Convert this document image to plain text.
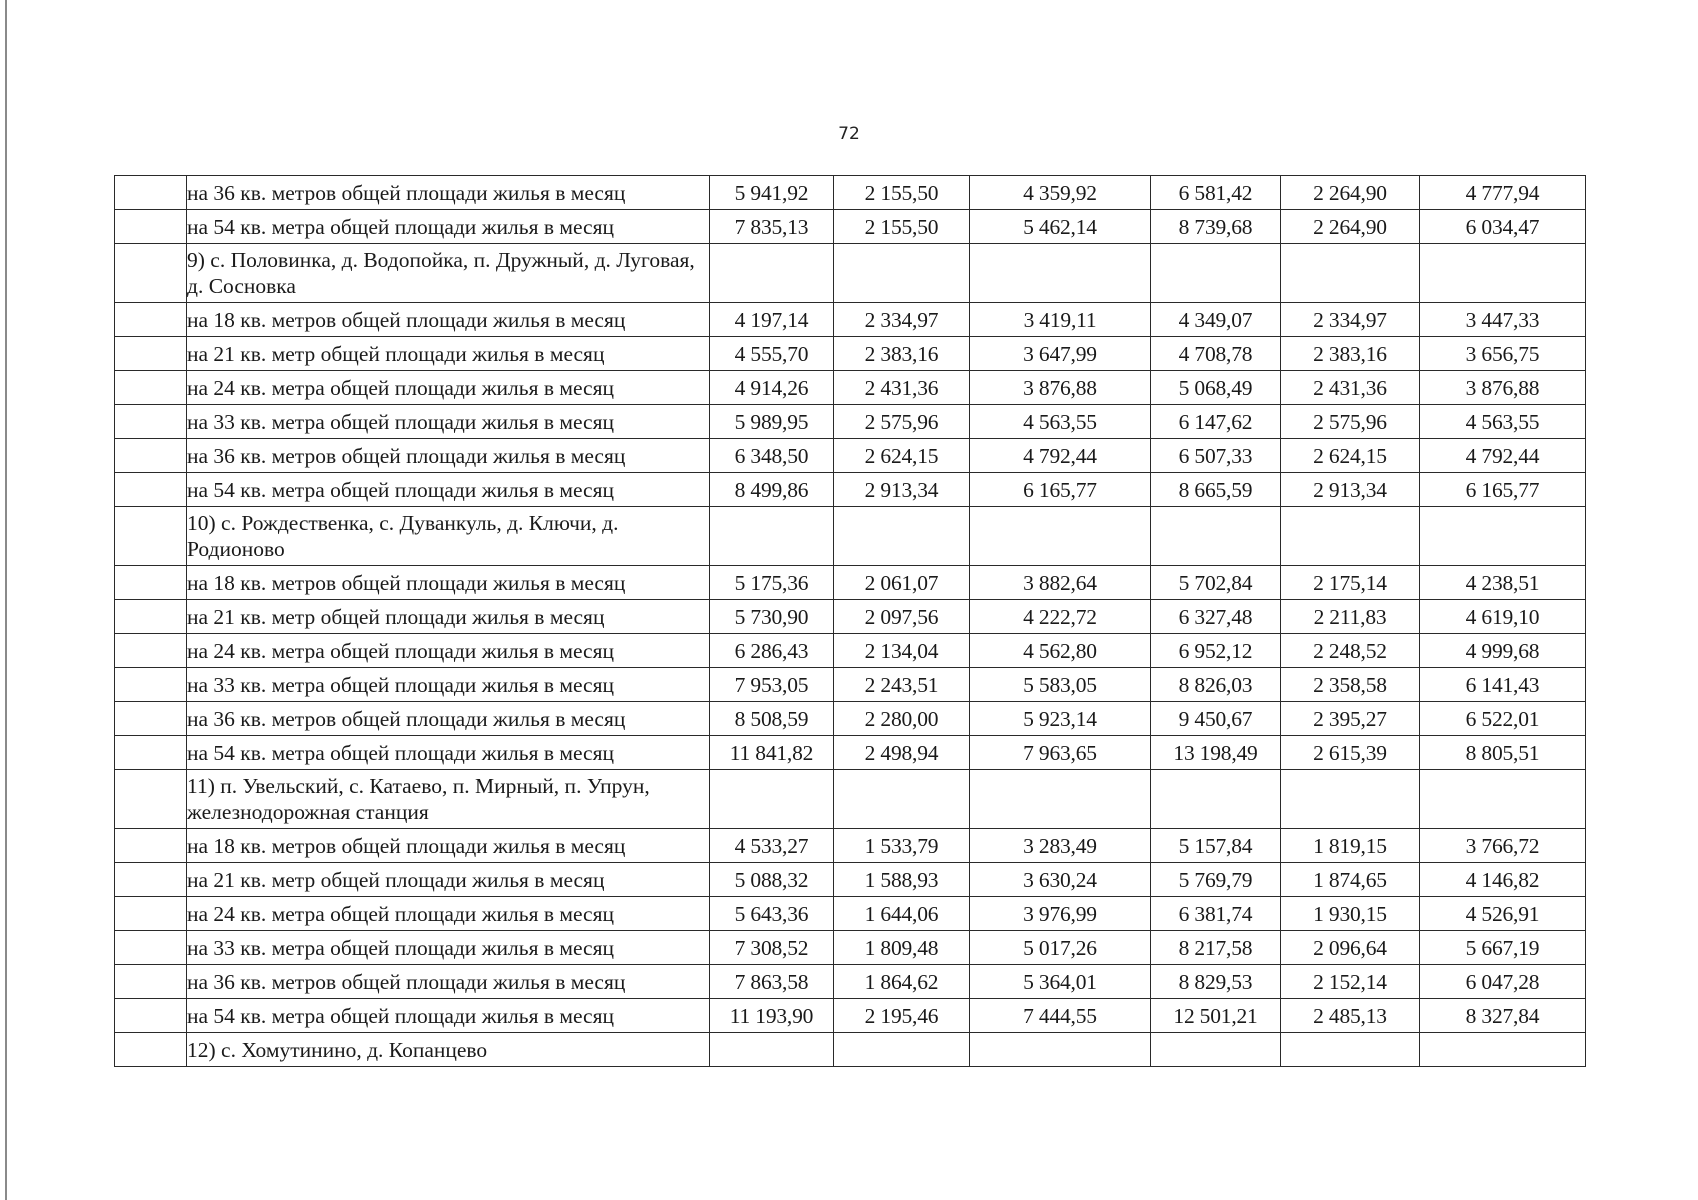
72
	на 36 кв. метров общей площади жилья в месяц	5 941,92	2 155,50	4 359,92	6 581,42	2 264,90	4 777,94
	на 54 кв. метра общей площади жилья в месяц	7 835,13	2 155,50	5 462,14	8 739,68	2 264,90	6 034,47
	9) с. Половинка, д. Водопойка, п. Дружный, д. Луговая, д. Сосновка						
	на 18 кв. метров общей площади жилья в месяц	4 197,14	2 334,97	3 419,11	4 349,07	2 334,97	3 447,33
	на 21 кв. метр общей площади жилья в месяц	4 555,70	2 383,16	3 647,99	4 708,78	2 383,16	3 656,75
	на 24 кв. метра общей площади жилья в месяц	4 914,26	2 431,36	3 876,88	5 068,49	2 431,36	3 876,88
	на 33 кв. метра общей площади жилья в месяц	5 989,95	2 575,96	4 563,55	6 147,62	2 575,96	4 563,55
	на 36 кв. метров общей площади жилья в месяц	6 348,50	2 624,15	4 792,44	6 507,33	2 624,15	4 792,44
	на 54 кв. метра общей площади жилья в месяц	8 499,86	2 913,34	6 165,77	8 665,59	2 913,34	6 165,77
	10) с. Рождественка, с. Дуванкуль, д. Ключи, д. Родионово						
	на 18 кв. метров общей площади жилья в месяц	5 175,36	2 061,07	3 882,64	5 702,84	2 175,14	4 238,51
	на 21 кв. метр общей площади жилья в месяц	5 730,90	2 097,56	4 222,72	6 327,48	2 211,83	4 619,10
	на 24 кв. метра общей площади жилья в месяц	6 286,43	2 134,04	4 562,80	6 952,12	2 248,52	4 999,68
	на 33 кв. метра общей площади жилья в месяц	7 953,05	2 243,51	5 583,05	8 826,03	2 358,58	6 141,43
	на 36 кв. метров общей площади жилья в месяц	8 508,59	2 280,00	5 923,14	9 450,67	2 395,27	6 522,01
	на 54 кв. метра общей площади жилья в месяц	11 841,82	2 498,94	7 963,65	13 198,49	2 615,39	8 805,51
	11) п. Увельский, с. Катаево, п. Мирный, п. Упрун, железнодорожная станция						
	на 18 кв. метров общей площади жилья в месяц	4 533,27	1 533,79	3 283,49	5 157,84	1 819,15	3 766,72
	на 21 кв. метр общей площади жилья в месяц	5 088,32	1 588,93	3 630,24	5 769,79	1 874,65	4 146,82
	на 24 кв. метра общей площади жилья в месяц	5 643,36	1 644,06	3 976,99	6 381,74	1 930,15	4 526,91
	на 33 кв. метра общей площади жилья в месяц	7 308,52	1 809,48	5 017,26	8 217,58	2 096,64	5 667,19
	на 36 кв. метров общей площади жилья в месяц	7 863,58	1 864,62	5 364,01	8 829,53	2 152,14	6 047,28
	на 54 кв. метра общей площади жилья в месяц	11 193,90	2 195,46	7 444,55	12 501,21	2 485,13	8 327,84
	12) с. Хомутинино, д. Копанцево						
